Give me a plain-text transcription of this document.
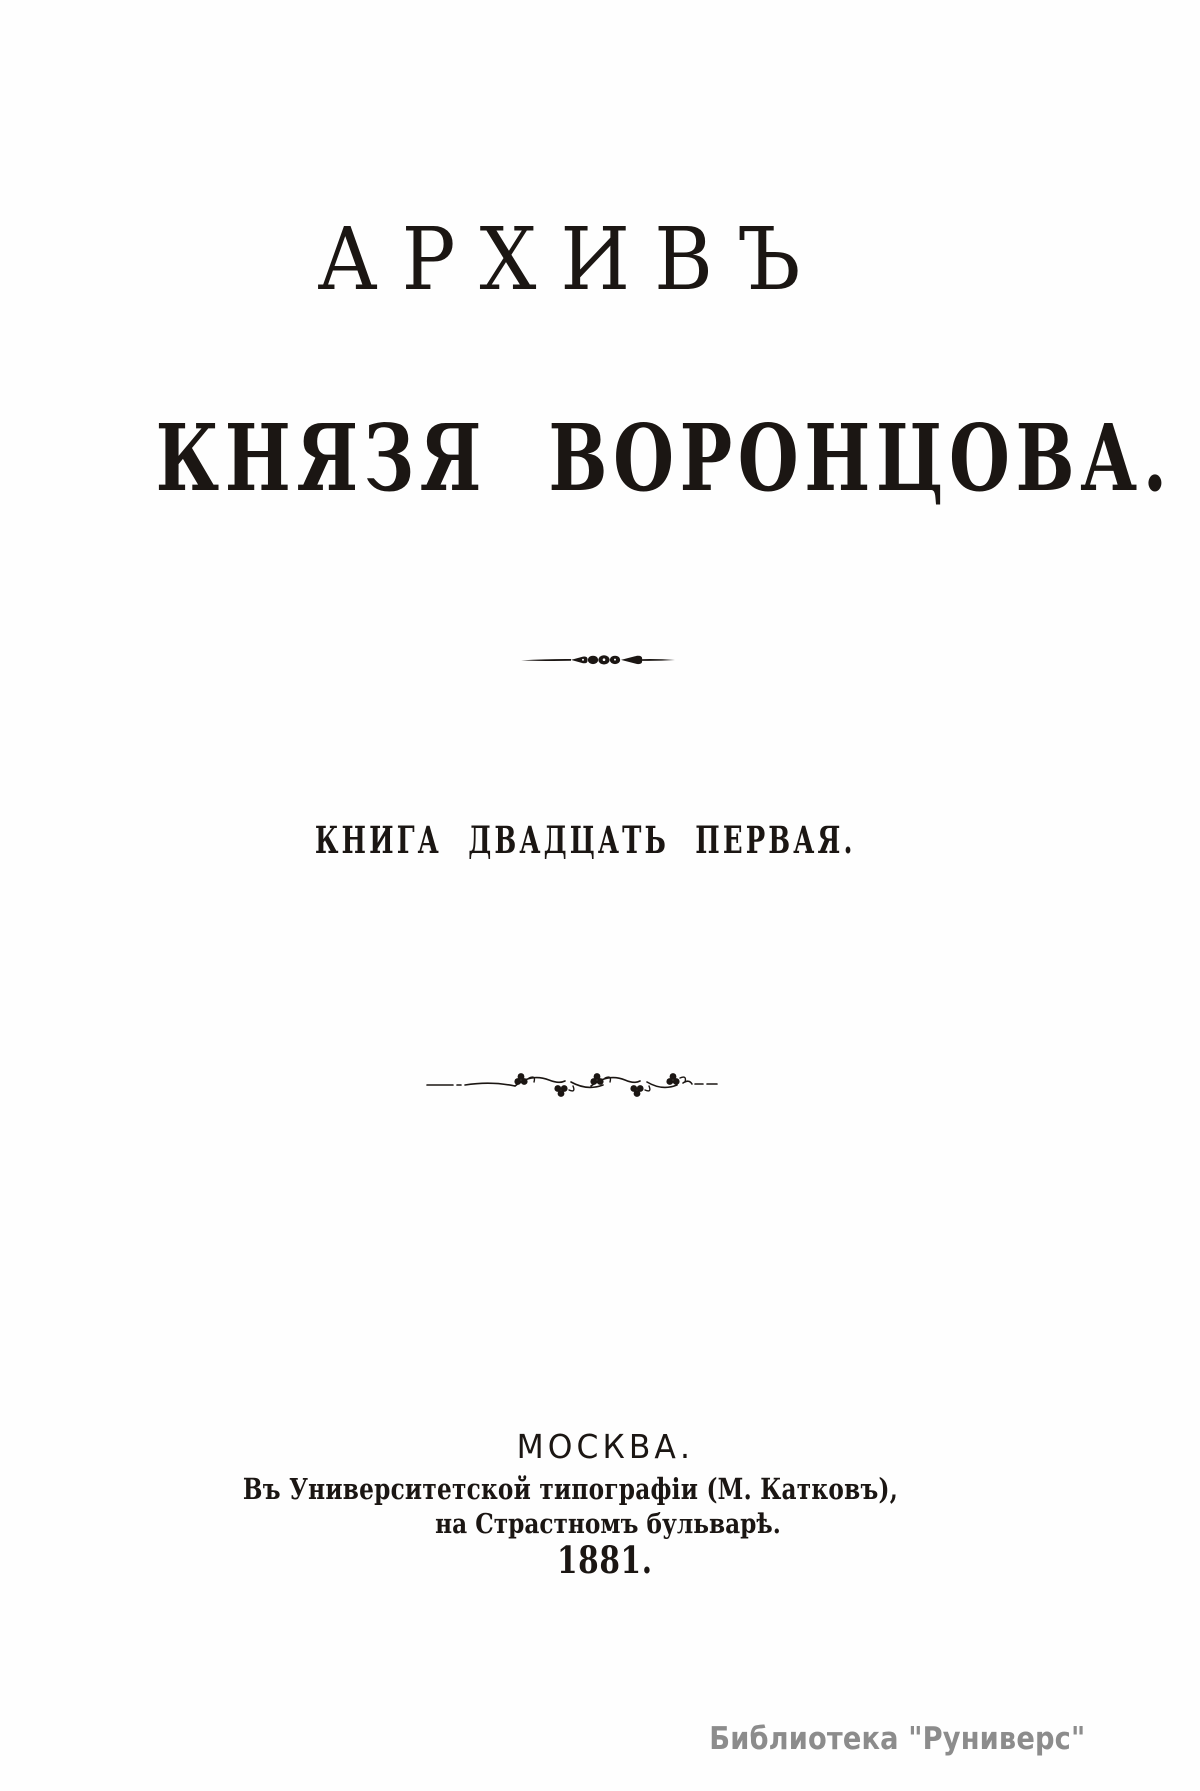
АРХИВЪ
КНЯЗЯ ВОРОНЦОВА.
КНИГА ДВАДЦАТЬ ПЕРВАЯ.
МОСКВА.
Въ Университетской типографіи (М. Катковъ),
на Страстномъ бульварѣ.
1881.
Библиотека "Руниверс"
